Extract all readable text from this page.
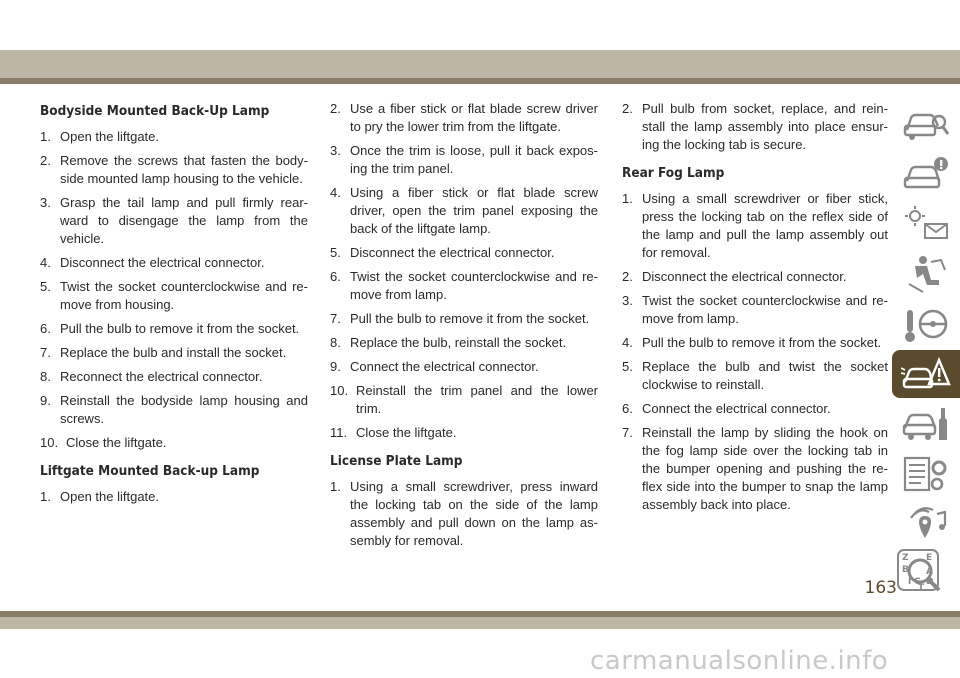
Bodyside Mounted Back-Up Lamp
1. Open the liftgate.
2. Remove the screws that fasten the body-side mounted lamp housing to the vehicle.
3. Grasp the tail lamp and pull firmly rear-ward to disengage the lamp from the vehicle.
4. Disconnect the electrical connector.
5. Twist the socket counterclockwise and re-move from housing.
6. Pull the bulb to remove it from the socket.
7. Replace the bulb and install the socket.
8. Reconnect the electrical connector.
9. Reinstall the bodyside lamp housing and screws.
10. Close the liftgate.
Liftgate Mounted Back-up Lamp
1. Open the liftgate.
2. Use a fiber stick or flat blade screw driver to pry the lower trim from the liftgate.
3. Once the trim is loose, pull it back expos-ing the trim panel.
4. Using a fiber stick or flat blade screw driver, open the trim panel exposing the back of the liftgate lamp.
5. Disconnect the electrical connector.
6. Twist the socket counterclockwise and re-move from lamp.
7. Pull the bulb to remove it from the socket.
8. Replace the bulb, reinstall the socket.
9. Connect the electrical connector.
10. Reinstall the trim panel and the lower trim.
11. Close the liftgate.
License Plate Lamp
1. Using a small screwdriver, press inward the locking tab on the side of the lamp assembly and pull down on the lamp as-sembly for removal.
2. Pull bulb from socket, replace, and rein-stall the lamp assembly into place ensur-ing the locking tab is secure.
Rear Fog Lamp
1. Using a small screwdriver or fiber stick, press the locking tab on the reflex side of the lamp and pull the lamp assembly out for removal.
2. Disconnect the electrical connector.
3. Twist the socket counterclockwise and re-move from lamp.
4. Pull the bulb to remove it from the socket.
5. Replace the bulb and twist the socket clockwise to reinstall.
6. Connect the electrical connector.
7. Reinstall the lamp by sliding the hook on the fog lamp side over the locking tab in the bumper opening and pushing the re-flex side into the bumper to snap the lamp assembly back into place.
Z E
B A
D
I C
T
163
carmanualsonline.info
